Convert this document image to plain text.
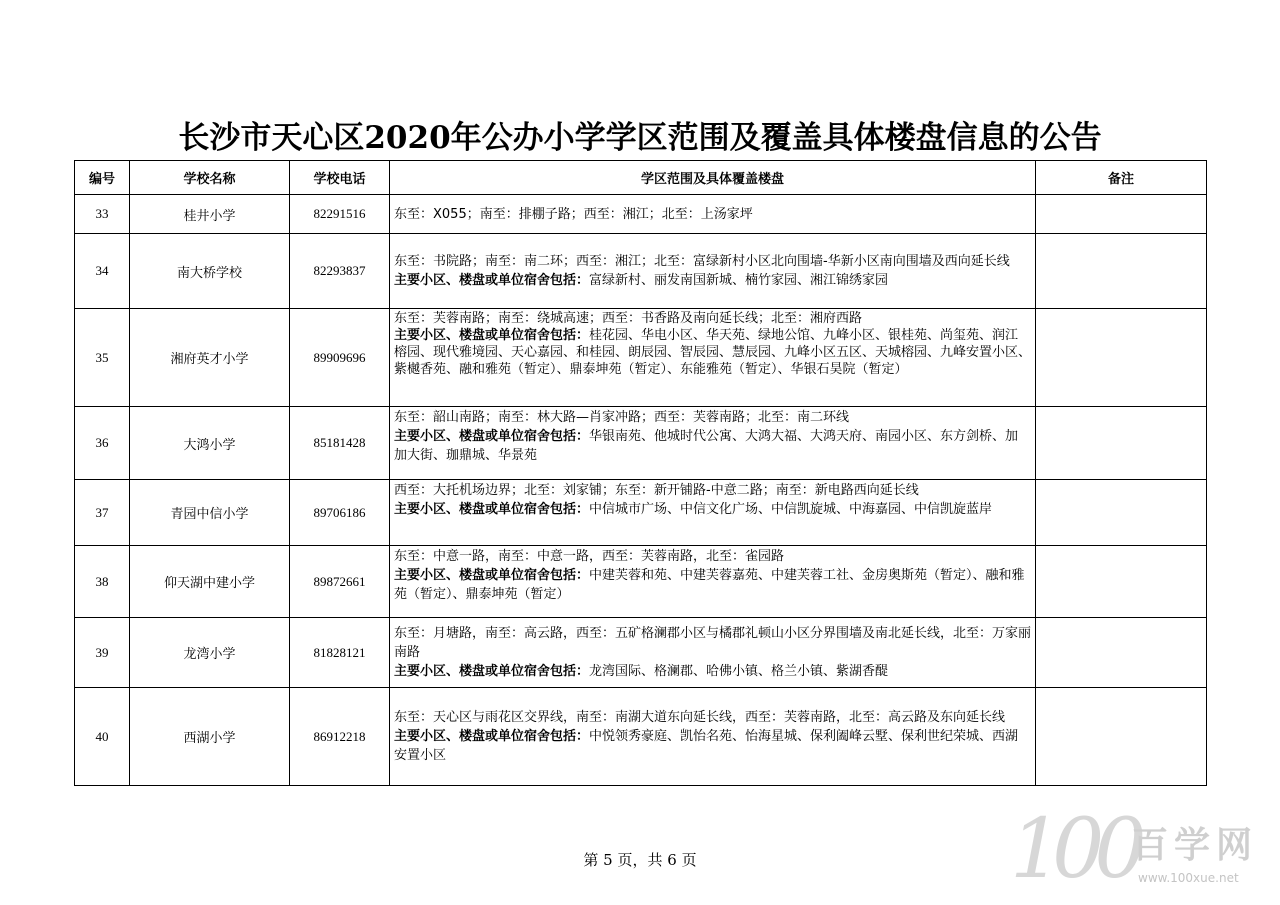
长沙市天心区2020年公办小学学区范围及覆盖具体楼盘信息的公告
编号	学校名称	学校电话	学区范围及具体覆盖楼盘	备注
33	桂井小学	82291516	东至：X055；南至：排棚子路；西至：湘江；北至：上汤家坪	
34	南大桥学校	82293837	东至：书院路；南至：南二环；西至：湘江；北至：富绿新村小区北向围墙-华新小区南向围墙及西向延长线
主要小区、楼盘或单位宿舍包括：富绿新村、丽发南国新城、楠竹家园、湘江锦绣家园	
35	湘府英才小学	89909696	东至：芙蓉南路；南至：绕城高速；西至：书香路及南向延长线；北至：湘府西路
主要小区、楼盘或单位宿舍包括：桂花园、华电小区、华天苑、绿地公馆、九峰小区、银桂苑、尚玺苑、润江榕园、现代雅境园、天心嘉园、和桂园、朗辰园、智辰园、慧辰园、九峰小区五区、天城榕园、九峰安置小区、紫樾香苑、融和雅苑（暂定）、鼎泰坤苑（暂定）、东能雅苑（暂定）、华银石昊院（暂定）	
36	大鸿小学	85181428	东至：韶山南路；南至：林大路—肖家冲路；西至：芙蓉南路；北至：南二环线
主要小区、楼盘或单位宿舍包括：华银南苑、他城时代公寓、大鸿大福、大鸿天府、南园小区、东方剑桥、加加大街、珈鼎城、华景苑	
37	青园中信小学	89706186	西至：大托机场边界；北至：刘家铺；东至：新开铺路-中意二路；南至：新电路西向延长线
主要小区、楼盘或单位宿舍包括：中信城市广场、中信文化广场、中信凯旋城、中海嘉园、中信凯旋蓝岸	
38	仰天湖中建小学	89872661	东至：中意一路，南至：中意一路，西至：芙蓉南路，北至：雀园路
主要小区、楼盘或单位宿舍包括：中建芙蓉和苑、中建芙蓉嘉苑、中建芙蓉工社、金房奥斯苑（暂定）、融和雅苑（暂定）、鼎泰坤苑（暂定）	
39	龙湾小学	81828121	东至：月塘路，南至：高云路，西至：五矿格澜郡小区与橘郡礼顿山小区分界围墙及南北延长线，北至：万家丽南路
主要小区、楼盘或单位宿舍包括：龙湾国际、格澜郡、哈佛小镇、格兰小镇、紫湖香醍	
40	西湖小学	86912218	东至：天心区与雨花区交界线，南至：南湖大道东向延长线，西至：芙蓉南路，北至：高云路及东向延长线
主要小区、楼盘或单位宿舍包括：中悦领秀豪庭、凯怡名苑、怡海星城、保利阖峰云墅、保利世纪荣城、西湖安置小区	
第 5 页，共 6 页	100
百学网
www.100xue.net
